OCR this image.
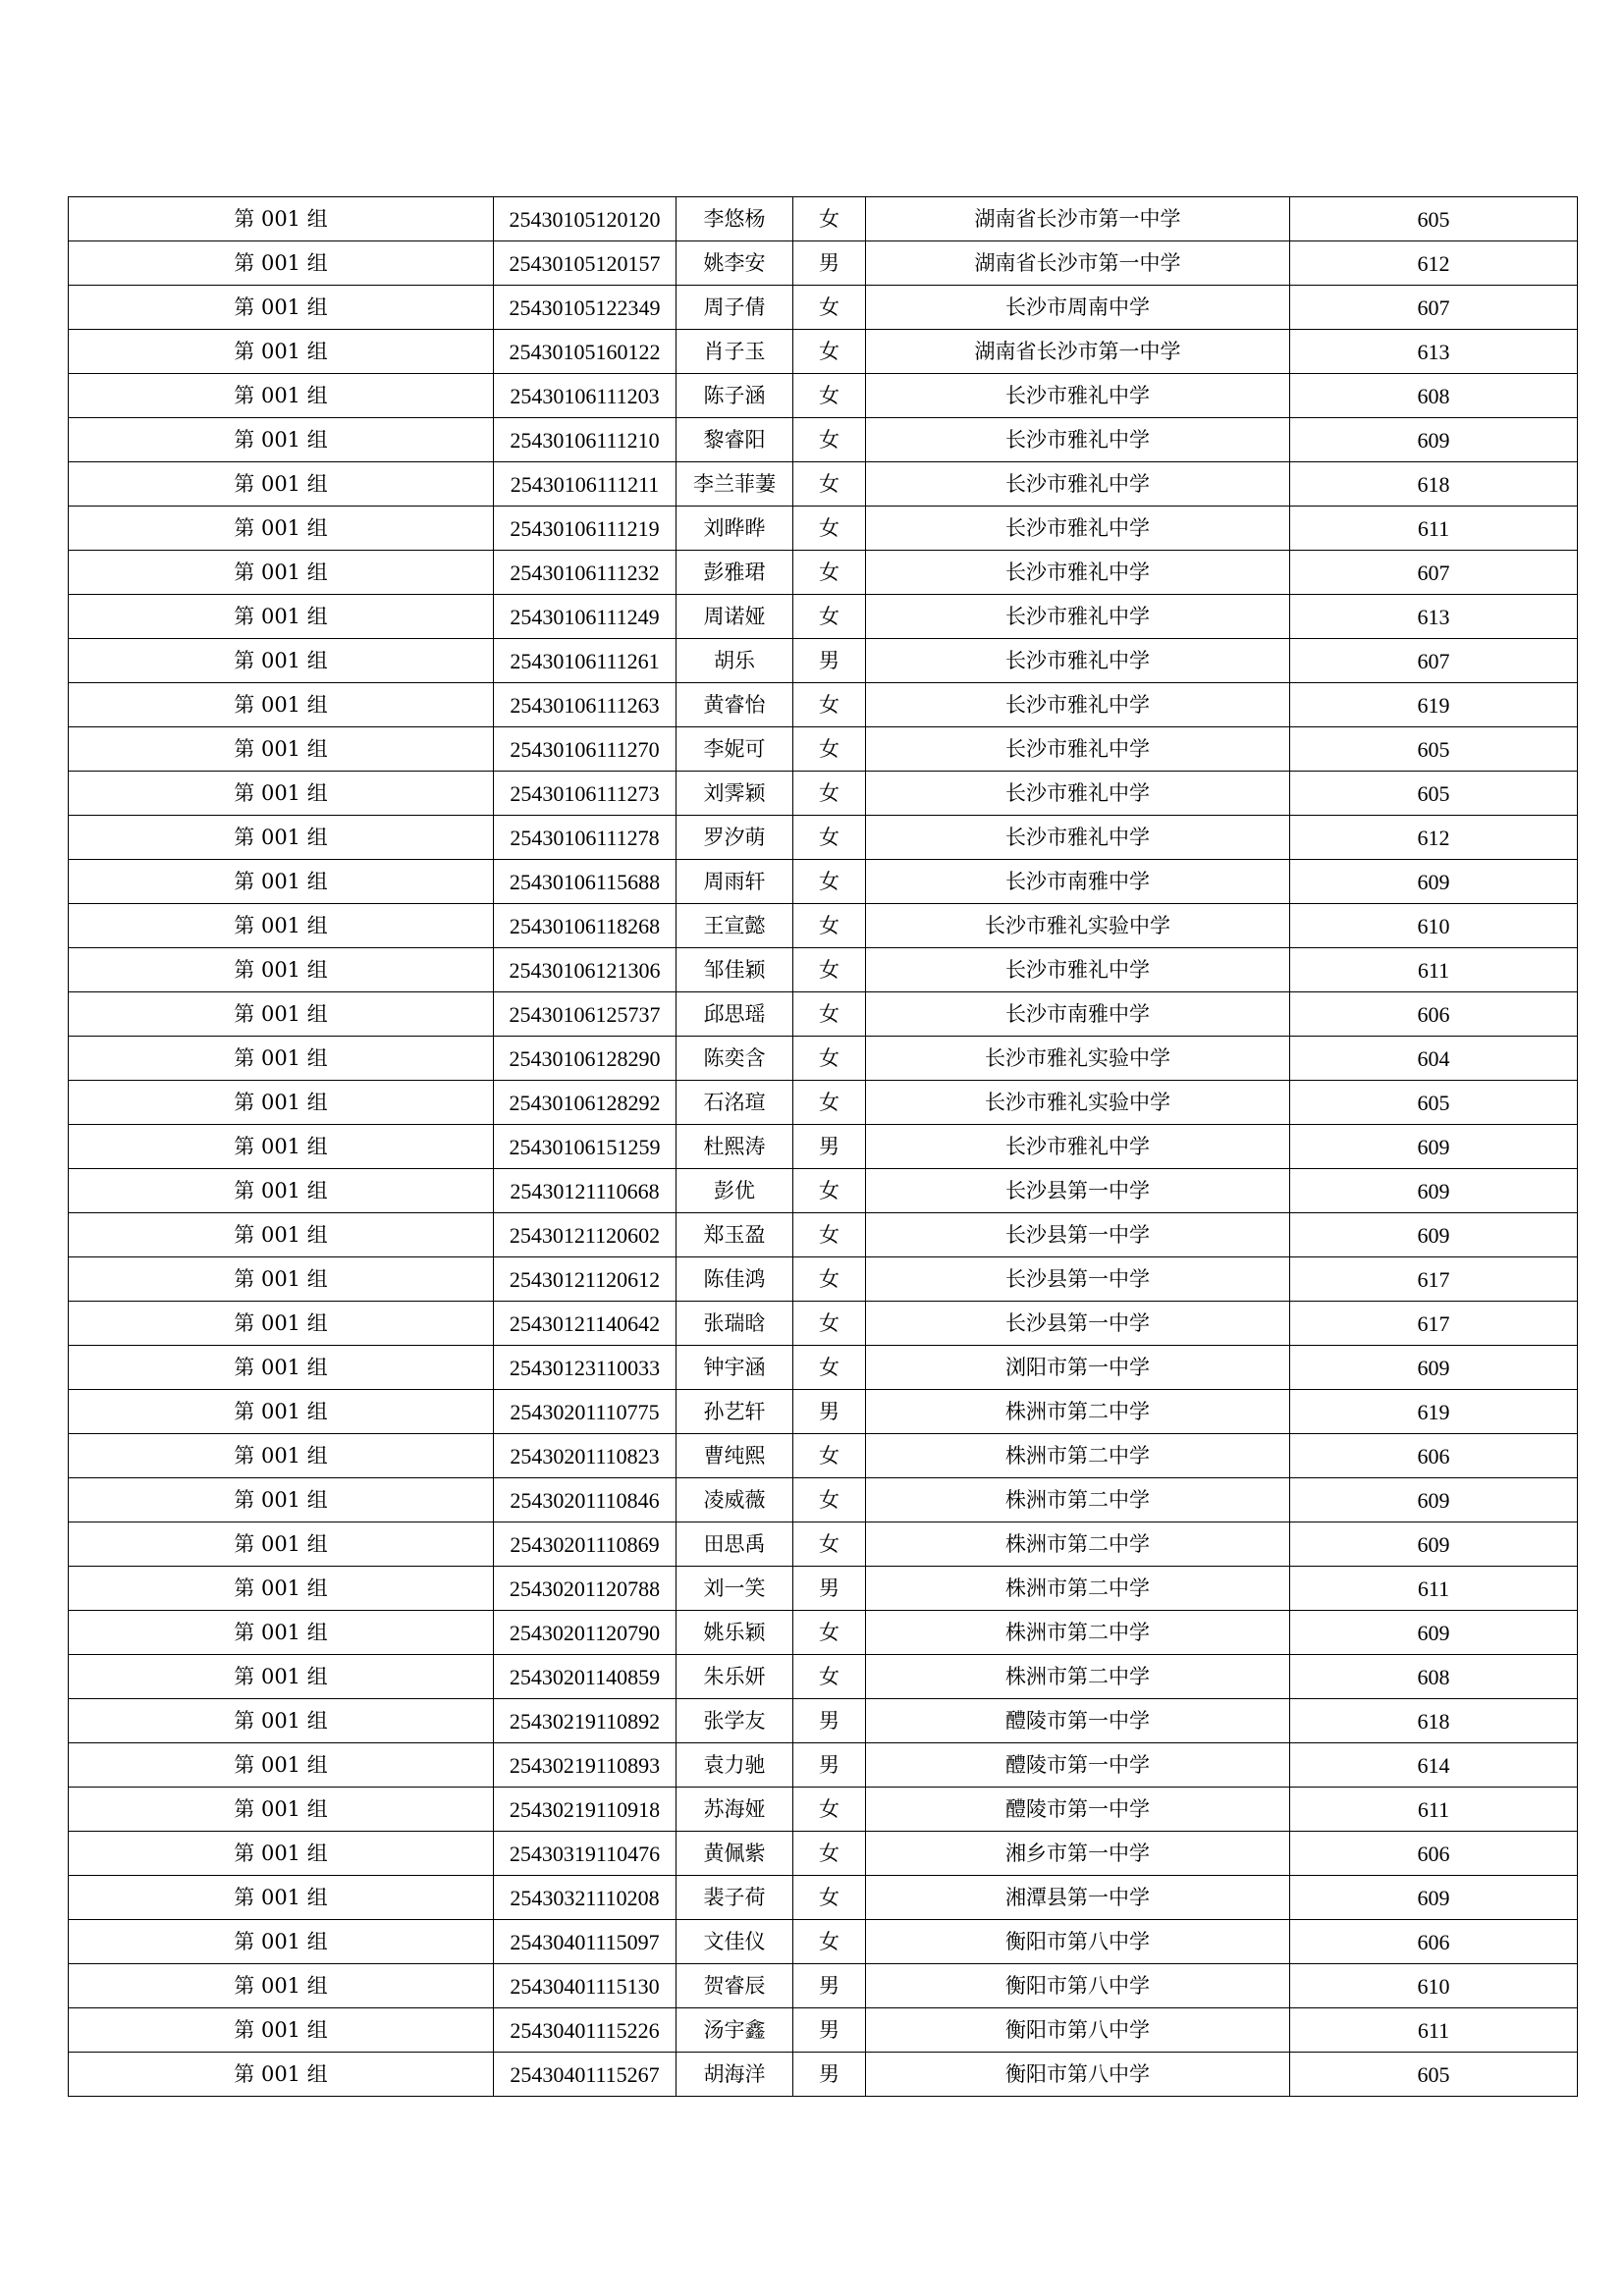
第 001 组	25430105120120	李悠杨	女	湖南省长沙市第一中学	605
第 001 组	25430105120157	姚李安	男	湖南省长沙市第一中学	612
第 001 组	25430105122349	周子倩	女	长沙市周南中学	607
第 001 组	25430105160122	肖子玉	女	湖南省长沙市第一中学	613
第 001 组	25430106111203	陈子涵	女	长沙市雅礼中学	608
第 001 组	25430106111210	黎睿阳	女	长沙市雅礼中学	609
第 001 组	25430106111211	李兰菲萋	女	长沙市雅礼中学	618
第 001 组	25430106111219	刘晔晔	女	长沙市雅礼中学	611
第 001 组	25430106111232	彭雅珺	女	长沙市雅礼中学	607
第 001 组	25430106111249	周诺娅	女	长沙市雅礼中学	613
第 001 组	25430106111261	胡乐	男	长沙市雅礼中学	607
第 001 组	25430106111263	黄睿怡	女	长沙市雅礼中学	619
第 001 组	25430106111270	李妮可	女	长沙市雅礼中学	605
第 001 组	25430106111273	刘霁颖	女	长沙市雅礼中学	605
第 001 组	25430106111278	罗汐萌	女	长沙市雅礼中学	612
第 001 组	25430106115688	周雨轩	女	长沙市南雅中学	609
第 001 组	25430106118268	王宣懿	女	长沙市雅礼实验中学	610
第 001 组	25430106121306	邹佳颖	女	长沙市雅礼中学	611
第 001 组	25430106125737	邱思瑶	女	长沙市南雅中学	606
第 001 组	25430106128290	陈奕含	女	长沙市雅礼实验中学	604
第 001 组	25430106128292	石洺瑄	女	长沙市雅礼实验中学	605
第 001 组	25430106151259	杜熙涛	男	长沙市雅礼中学	609
第 001 组	25430121110668	彭优	女	长沙县第一中学	609
第 001 组	25430121120602	郑玉盈	女	长沙县第一中学	609
第 001 组	25430121120612	陈佳鸿	女	长沙县第一中学	617
第 001 组	25430121140642	张瑞晗	女	长沙县第一中学	617
第 001 组	25430123110033	钟宇涵	女	浏阳市第一中学	609
第 001 组	25430201110775	孙艺轩	男	株洲市第二中学	619
第 001 组	25430201110823	曹纯熙	女	株洲市第二中学	606
第 001 组	25430201110846	凌威薇	女	株洲市第二中学	609
第 001 组	25430201110869	田思禹	女	株洲市第二中学	609
第 001 组	25430201120788	刘一笑	男	株洲市第二中学	611
第 001 组	25430201120790	姚乐颖	女	株洲市第二中学	609
第 001 组	25430201140859	朱乐妍	女	株洲市第二中学	608
第 001 组	25430219110892	张学友	男	醴陵市第一中学	618
第 001 组	25430219110893	袁力驰	男	醴陵市第一中学	614
第 001 组	25430219110918	苏海娅	女	醴陵市第一中学	611
第 001 组	25430319110476	黄佩紫	女	湘乡市第一中学	606
第 001 组	25430321110208	裴子荷	女	湘潭县第一中学	609
第 001 组	25430401115097	文佳仪	女	衡阳市第八中学	606
第 001 组	25430401115130	贺睿辰	男	衡阳市第八中学	610
第 001 组	25430401115226	汤宇鑫	男	衡阳市第八中学	611
第 001 组	25430401115267	胡海洋	男	衡阳市第八中学	605
